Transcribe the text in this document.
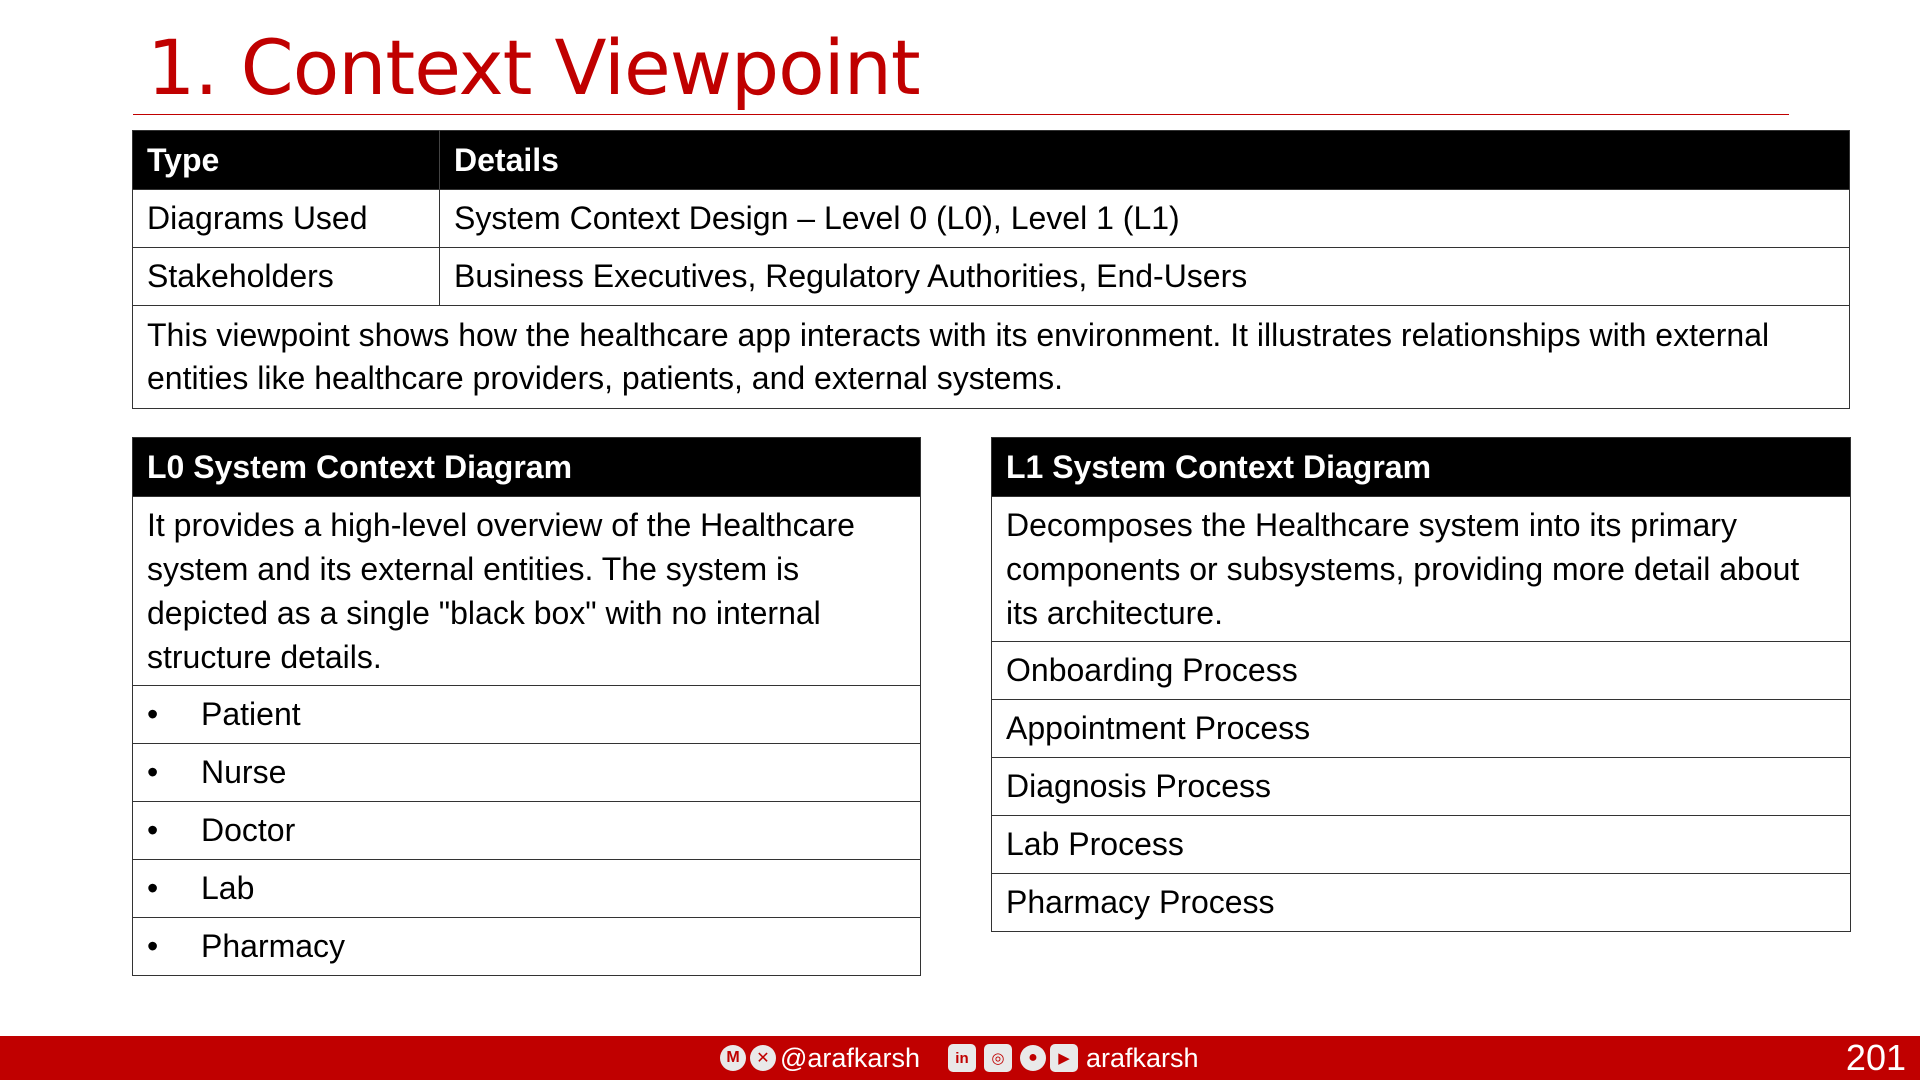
1. Context Viewpoint
Type	Details
Diagrams Used	System Context Design – Level 0 (L0), Level 1 (L1)
Stakeholders	Business Executives, Regulatory Authorities, End-Users
This viewpoint shows how the healthcare app interacts with its environment. It illustrates relationships with external entities like healthcare providers, patients, and external systems.	
L0 System Context Diagram
It provides a high-level overview of the Healthcare system and its external entities. The system is depicted as a single "black box" with no internal structure details.
• Patient
• Nurse
• Doctor
• Lab
• Pharmacy
L1 System Context Diagram
Decomposes the Healthcare system into its primary components or subsystems, providing more detail about its architecture.
Onboarding Process
Appointment Process
Diagnosis Process
Lab Process
Pharmacy Process
M	✕ @arafkarsh	in	◎	●	▶ arafkarsh	201
